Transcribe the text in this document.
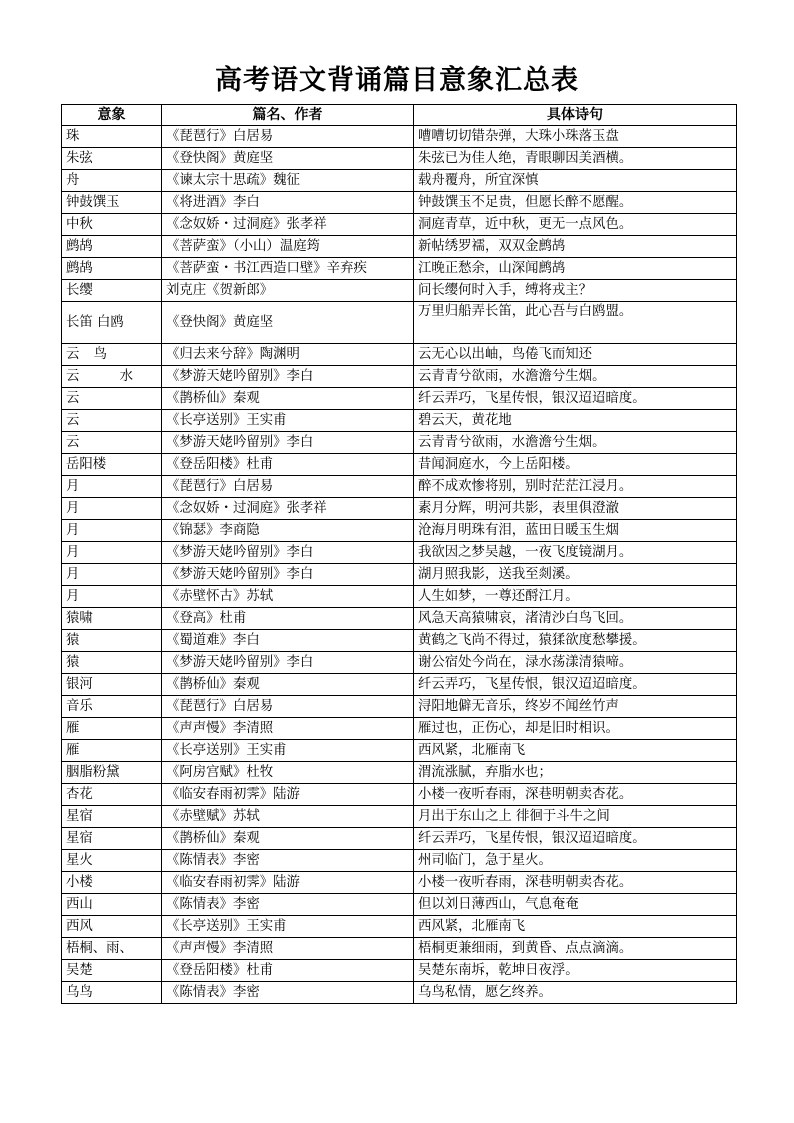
高考语文背诵篇目意象汇总表
意象	篇名、作者	具体诗句
珠	《琵琶行》白居易	嘈嘈切切错杂弹，大珠小珠落玉盘
朱弦	《登快阁》黄庭坚	朱弦已为佳人绝，青眼聊因美酒横。
舟	《谏太宗十思疏》魏征	载舟覆舟，所宜深慎
钟鼓馔玉	《将进酒》李白	钟鼓馔玉不足贵，但愿长醉不愿醒。
中秋	《念奴娇・过洞庭》张孝祥	洞庭青草，近中秋，更无一点风色。
鹧鸪	《菩萨蛮》（小山）温庭筠	新帖绣罗襦，双双金鹧鸪
鹧鸪	《菩萨蛮・书江西造口壁》辛弃疾	江晚正愁余，山深闻鹧鸪
长缨	刘克庄《贺新郎》	问长缨何时入手，缚将戎主？
长笛 白鸥	《登快阁》黄庭坚	万里归船弄长笛，此心吾与白鸥盟。
云 鸟	《归去来兮辞》陶渊明	云无心以出岫，鸟倦飞而知还
云 水	《梦游天姥吟留别》李白	云青青兮欲雨，水澹澹兮生烟。
云	《鹊桥仙》秦观	纤云弄巧，飞星传恨，银汉迢迢暗度。
云	《长亭送别》王实甫	碧云天，黄花地
云	《梦游天姥吟留别》李白	云青青兮欲雨，水澹澹兮生烟。
岳阳楼	《登岳阳楼》杜甫	昔闻洞庭水，今上岳阳楼。
月	《琵琶行》白居易	醉不成欢惨将别，别时茫茫江浸月。
月	《念奴娇・过洞庭》张孝祥	素月分辉，明河共影，表里俱澄澈
月	《锦瑟》李商隐	沧海月明珠有泪，蓝田日暖玉生烟
月	《梦游天姥吟留别》李白	我欲因之梦吴越，一夜飞度镜湖月。
月	《梦游天姥吟留别》李白	湖月照我影，送我至剡溪。
月	《赤壁怀古》苏轼	人生如梦，一尊还酹江月。
猿啸	《登高》杜甫	风急天高猿啸哀，渚清沙白鸟飞回。
猿	《蜀道难》李白	黄鹤之飞尚不得过，猿猱欲度愁攀援。
猿	《梦游天姥吟留别》李白	谢公宿处今尚在，渌水荡漾清猿啼。
银河	《鹊桥仙》秦观	纤云弄巧，飞星传恨，银汉迢迢暗度。
音乐	《琵琶行》白居易	浔阳地僻无音乐，终岁不闻丝竹声
雁	《声声慢》李清照	雁过也，正伤心，却是旧时相识。
雁	《长亭送别》王实甫	西风紧，北雁南飞
胭脂粉黛	《阿房宫赋》杜牧	渭流涨腻，弃脂水也；
杏花	《临安春雨初霁》陆游	小楼一夜听春雨，深巷明朝卖杏花。
星宿	《赤壁赋》苏轼	月出于东山之上 徘徊于斗牛之间
星宿	《鹊桥仙》秦观	纤云弄巧，飞星传恨，银汉迢迢暗度。
星火	《陈情表》李密	州司临门，急于星火。
小楼	《临安春雨初霁》陆游	小楼一夜听春雨，深巷明朝卖杏花。
西山	《陈情表》李密	但以刘日薄西山，气息奄奄
西风	《长亭送别》王实甫	西风紧，北雁南飞
梧桐、雨、	《声声慢》李清照	梧桐更兼细雨，到黄昏、点点滴滴。
吴楚	《登岳阳楼》杜甫	吴楚东南坼，乾坤日夜浮。
乌鸟	《陈情表》李密	乌鸟私情，愿乞终养。
